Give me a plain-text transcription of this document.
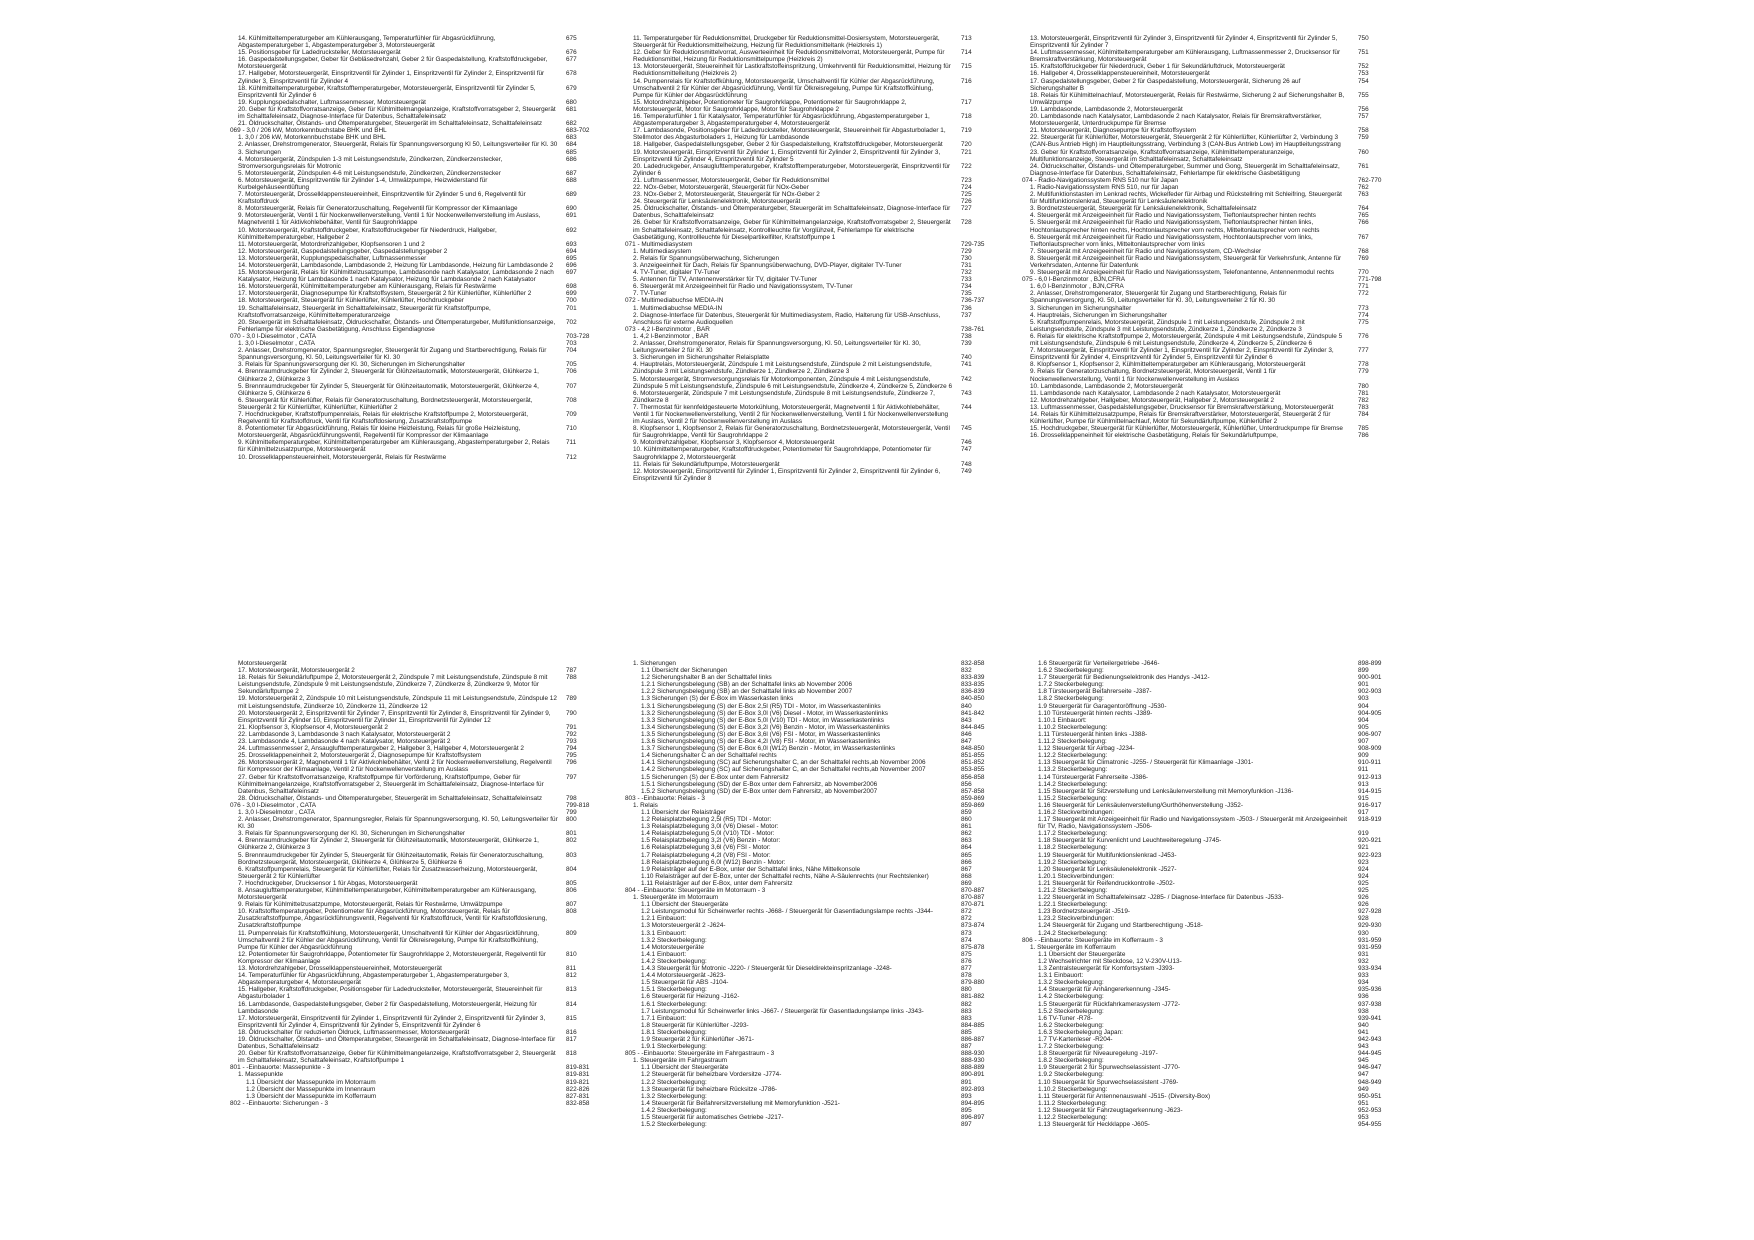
14. Kühlmitteltemperaturgeber am Kühlerausgang, Temperaturfühler für Abgasrückführung, Abgastemperaturgeber 1, Abgastemperaturgeber 3, Motorsteuergerät
675
15. Positionsgeber für Ladedrucksteller, Motorsteuergerät	676
16. Gaspedalstellungsgeber, Geber für Gebläsedrehzahl, Geber 2 für Gaspedalstellung, Kraftstoffdruckgeber, Motorsteuergerät
677
17. Hallgeber, Motorsteuergerät, Einspritzventil für Zylinder 1, Einspritzventil für Zylinder 2, Einspritzventil für Zylinder 3, Einspritzventil für Zylinder 4
678
18. Kühlmitteltemperaturgeber, Kraftstofftemperaturgeber, Motorsteuergerät, Einspritzventil für Zylinder 5, Einspritzventil für Zylinder 6
679
19. Kupplungspedalschalter, Luftmassenmesser, Motorsteuergerät	680
20. Geber für Kraftstoffvorratsanzeige, Geber für Kühlmittelmangelanzeige, Kraftstoffvorratsgeber 2, Steuergerät im Schalttafeleinsatz, Diagnose-Interface für Datenbus, Schalttafeleinsatz
681
21. Öldruckschalter, Ölstands- und Öltemperaturgeber, Steuergerät im Schalttafeleinsatz, Schalttafeleinsatz	682
069 - 3,0 / 206 kW, Motorkennbuchstabe BHK und BHL	683-702
1. 3,0 / 206 kW, Motorkennbuchstabe BHK und BHL	683
2. Anlasser, Drehstromgenerator, Steuergerät, Relais für Spannungsversorgung Kl 50, Leitungsverteiler für Kl. 30	684
3. Sicherungen	685
4. Motorsteuergerät, Zündspulen 1-3 mit Leistungsendstufe, Zündkerzen, Zündkerzenstecker, Stromversorgungsrelais für Motronic
686
5. Motorsteuergerät, Zündspulen 4-6 mit Leistungsendstufe, Zündkerzen, Zündkerzenstecker	687
6. Motorsteuergerät, Einspritzventile für Zylinder 1-4, Umwälzpumpe, Heizwiderstand für Kurbelgehäuseentlüftung
688
7. Motorsteuergerät, Drosselklappensteuereinheit, Einspritzventile für Zylinder 5 und 6, Regelventil für Kraftstoffdruck
689
8. Motorsteuergerät, Relais für Generatorzuschaltung, Regelventil für Kompressor der Klimaanlage	690
9. Motorsteuergerät, Ventil 1 für Nockenwellenverstellung, Ventil 1 für Nockenwellenverstellung im Auslass, Magnetventil 1 für Aktivkohlebehälter, Ventil für Saugrohrklappe
691
10. Motorsteuergerät, Kraftstoffdruckgeber, Kraftstoffdruckgeber für Niederdruck, Hallgeber, Kühlmitteltemperaturgeber, Hallgeber 2
692
11. Motorsteuergerät, Motordrehzahlgeber, Klopfsensoren 1 und 2	693
12. Motorsteuergerät, Gaspedalstellungsgeber, Gaspedalstellungsgeber 2	694
13. Motorsteuergerät, Kupplungspedalschalter, Luftmassenmesser	695
14. Motorsteuergerät, Lambdasonde, Lambdasonde 2, Heizung für Lambdasonde, Heizung für Lambdasonde 2	696
15. Motorsteuergerät, Relais für Kühlmittelzusatzpumpe, Lambdasonde nach Katalysator, Lambdasonde 2 nach Katalysator, Heizung für Lambdasonde 1 nach Katalysator, Heizung für Lambdasonde 2 nach Katalysator
697
16. Motorsteuergerät, Kühlmitteltemperaturgeber am Kühlerausgang, Relais für Restwärme	698
17. Motorsteuergerät, Diagnosepumpe für Kraftstoffsystem, Steuergerät 2 für Kühlerlüfter, Kühlerlüfter 2	699
18. Motorsteuergerät, Steuergerät für Kühlerlüfter, Kühlerlüfter, Hochdruckgeber	700
19. Schalttafeleinsatz, Steuergerät im Schalttafeleinsatz, Steuergerät für Kraftstoffpumpe, Kraftstoffvorratsanzeige, Kühlmitteltemperaturanzeige
701
20. Steuergerät im Schalttafeleinsatz, Öldruckschalter, Ölstands- und Öltemperaturgeber, Multifunktionsanzeige, Fehlerlampe für elektrische Gasbetätigung, Anschluss Eigendiagnose
702
070 - 3,0 l-Dieselmotor , CATA	703-728
1. 3,0 l-Dieselmotor , CATA	703
2. Anlasser, Drehstromgenerator, Spannungsregler, Steuergerät für Zugang und Startberechtigung, Relais für Spannungsversorgung, Kl. 50, Leitungsverteiler für Kl. 30
704
3. Relais für Spannungsversorgung der Kl. 30, Sicherungen im Sicherungshalter	705
4. Brennraumdruckgeber für Zylinder 2, Steuergerät für Glühzeitautomatik, Motorsteuergerät, Glühkerze 1, Glühkerze 2, Glühkerze 3
706
5. Brennraumdruckgeber für Zylinder 5, Steuergerät für Glühzeitautomatik, Motorsteuergerät, Glühkerze 4, Glühkerze 5, Glühkerze 6
707
6. Steuergerät für Kühlerlüfter, Relais für Generatorzuschaltung, Bordnetzsteuergerät, Motorsteuergerät, Steuergerät 2 für Kühlerlüfter, Kühlerlüfter, Kühlerlüfter 2
708
7. Hochdruckgeber, Kraftstoffpumpenrelais, Relais für elektrische Kraftstoffpumpe 2, Motorsteuergerät, Regelventil für Kraftstoffdruck, Ventil für Kraftstoffdosierung, Zusatzkraftstoffpumpe
709
8. Potentiometer für Abgasrückführung, Relais für kleine Heizleistung, Relais für große Heizleistung, Motorsteuergerät, Abgasrückführungsventil, Regelventil für Kompressor der Klimaanlage
710
9. Kühlmitteltemperaturgeber, Kühlmitteltemperaturgeber am Kühlerausgang, Abgastemperaturgeber 2, Relais für Kühlmittelzusatzpumpe, Motorsteuergerät
711
10. Drosselklappensteuereinheit, Motorsteuergerät, Relais für Restwärme	712
11. Temperaturgeber für Reduktionsmittel, Druckgeber für Reduktionsmittel-Dosiersystem, Motorsteuergerät, Steuergerät für Reduktionsmittelheizung, Heizung für Reduktionsmitteltank (Heizkreis 1)
713
12. Geber für Reduktionsmittelvorrat, Auswerteeinheit für Reduktionsmittelvorrat, Motorsteuergerät, Pumpe für Reduktionsmittel, Heizung für Reduktionsmittelpumpe (Heizkreis 2)
714
13. Motorsteuergerät, Steuereinheit für Lastkraftstoffeinspritzung, Umkehrventil für Reduktionsmittel, Heizung für Reduktionsmittelleitung (Heizkreis 2)
715
14. Pumpenrelais für Kraftstoffkühlung, Motorsteuergerät, Umschaltventil für Kühler der Abgasrückführung, Umschaltventil 2 für Kühler der Abgasrückführung, Ventil für Ölkreisregelung, Pumpe für Kraftstoffkühlung, Pumpe für Kühler der Abgasrückführung
716
15. Motordrehzahlgeber, Potentiometer für Saugrohrklappe, Potentiometer für Saugrohrklappe 2, Motorsteuergerät, Motor für Saugrohrklappe, Motor für Saugrohrklappe 2
717
16. Temperaturfühler 1 für Katalysator, Temperaturfühler für Abgasrückführung, Abgastemperaturgeber 1, Abgastemperaturgeber 3, Abgastemperaturgeber 4, Motorsteuergerät
718
17. Lambdasonde, Positionsgeber für Ladedrucksteller, Motorsteuergerät, Steuereinheit für Abgasturbolader 1, Stellmotor des Abgasturboladers 1, Heizung für Lambdasonde
719
18. Hallgeber, Gaspedalstellungsgeber, Geber 2 für Gaspedalstellung, Kraftstoffdruckgeber, Motorsteuergerät	720
19. Motorsteuergerät, Einspritzventil für Zylinder 1, Einspritzventil für Zylinder 2, Einspritzventil für Zylinder 3, Einspritzventil für Zylinder 4, Einspritzventil für Zylinder 5
721
20. Ladedruckgeber, Ansauglufttemperaturgeber, Kraftstofftemperaturgeber, Motorsteuergerät, Einspritzventil für Zylinder 6
722
21. Luftmassenmesser, Motorsteuergerät, Geber für Reduktionsmittel	723
22. NOx-Geber, Motorsteuergerät, Steuergerät für NOx-Geber	724
23. NOx-Geber 2, Motorsteuergerät, Steuergerät für NOx-Geber 2	725
24. Steuergerät für Lenksäulenelektronik, Motorsteuergerät	726
25. Öldruckschalter, Ölstands- und Öltemperaturgeber, Steuergerät im Schalttafeleinsatz, Diagnose-Interface für Datenbus, Schalttafeleinsatz
727
26. Geber für Kraftstoffvorratsanzeige, Geber für Kühlmittelmangelanzeige, Kraftstoffvorratsgeber 2, Steuergerät im Schalttafeleinsatz, Schalttafeleinsatz, Kontrollleuchte für Vorglühzeit, Fehlerlampe für elektrische Gasbetätigung, Kontrollleuchte für Dieselpartikelfilter, Kraftstoffpumpe 1
728
071 - Multimediasystem	729-735
1. Multimediasystem	729
2. Relais für Spannungsüberwachung, Sicherungen	730
3. Anzeigeeinheit für Dach, Relais für Spannungsüberwachung, DVD-Player, digitaler TV-Tuner	731
4. TV-Tuner, digitaler TV-Tuner	732
5. Antennen für TV, Antennenverstärker für TV, digitaler TV-Tuner	733
6. Steuergerät mit Anzeigeeinheit für Radio und Navigationssystem, TV-Tuner	734
7. TV-Tuner	735
072 - Multimediabuchse MEDIA-IN	736-737
1. Multimediabuchse MEDIA-IN	736
2. Diagnose-Interface für Datenbus, Steuergerät für Multimediasystem, Radio, Halterung für USB-Anschluss, Anschluss für externe Audioquellen
737
073 - 4,2 l-Benzinmotor , BAR	738-761
1. 4,2 l-Benzinmotor , BAR	738
2. Anlasser, Drehstromgenerator, Relais für Spannungsversorgung, Kl. 50, Leitungsverteiler für Kl. 30, Leitungsverteiler 2 für Kl. 30
739
3. Sicherungen im Sicherungshalter Relaisplatte	740
4. Hauptrelais, Motorsteuergerät, Zündspule 1 mit Leistungsendstufe, Zündspule 2 mit Leistungsendstufe, Zündspule 3 mit Leistungsendstufe, Zündkerze 1, Zündkerze 2, Zündkerze 3
741
5. Motorsteuergerät, Stromversorgungsrelais für Motorkomponenten, Zündspule 4 mit Leistungsendstufe, Zündspule 5 mit Leistungsendstufe, Zündspule 6 mit Leistungsendstufe, Zündkerze 4, Zündkerze 5, Zündkerze 6
742
6. Motorsteuergerät, Zündspule 7 mit Leistungsendstufe, Zündspule 8 mit Leistungsendstufe, Zündkerze 7, Zündkerze 8
743
7. Thermostat für kennfeldgesteuerte Motorkühlung, Motorsteuergerät, Magnetventil 1 für Aktivkohlebehälter, Ventil 1 für Nockenwellenverstellung, Ventil 2 für Nockenwellenverstellung, Ventil 1 für Nockenwellenverstellung im Auslass, Ventil 2 für Nockenwellenverstellung im Auslass
744
8. Klopfsensor 1, Klopfsensor 2, Relais für Generatorzuschaltung, Bordnetzsteuergerät, Motorsteuergerät, Ventil für Saugrohrklappe, Ventil für Saugrohrklappe 2
745
9. Motordrehzahlgeber, Klopfsensor 3, Klopfsensor 4, Motorsteuergerät	746
10. Kühlmitteltemperaturgeber, Kraftstoffdruckgeber, Potentiometer für Saugrohrklappe, Potentiometer für Saugrohrklappe 2, Motorsteuergerät
747
11. Relais für Sekundärluftpumpe, Motorsteuergerät	748
12. Motorsteuergerät, Einspritzventil für Zylinder 1, Einspritzventil für Zylinder 2, Einspritzventil für Zylinder 6, Einspritzventil für Zylinder 8
749
13. Motorsteuergerät, Einspritzventil für Zylinder 3, Einspritzventil für Zylinder 4, Einspritzventil für Zylinder 5, Einspritzventil für Zylinder 7
750
14. Luftmassenmesser, Kühlmitteltemperaturgeber am Kühlerausgang, Luftmassenmesser 2, Drucksensor für Bremskraftverstärkung, Motorsteuergerät
751
15. Kraftstoffdruckgeber für Niederdruck, Geber 1 für Sekundärluftdruck, Motorsteuergerät	752
16. Hallgeber 4, Drosselklappensteuereinheit, Motorsteuergerät	753
17. Gaspedalstellungsgeber, Geber 2 für Gaspedalstellung, Motorsteuergerät, Sicherung 26 auf Sicherungshalter B
754
18. Relais für Kühlmittelnachlauf, Motorsteuergerät, Relais für Restwärme, Sicherung 2 auf Sicherungshalter B, Umwälzpumpe
755
19. Lambdasonde, Lambdasonde 2, Motorsteuergerät	756
20. Lambdasonde nach Katalysator, Lambdasonde 2 nach Katalysator, Relais für Bremskraftverstärker, Motorsteuergerät, Unterdruckpumpe für Bremse
757
21. Motorsteuergerät, Diagnosepumpe für Kraftstoffsystem	758
22. Steuergerät für Kühlerlüfter, Motorsteuergerät, Steuergerät 2 für Kühlerlüfter, Kühlerlüfter 2, Verbindung 3 (CAN-Bus Antrieb High) im Hauptleitungsstrang, Verbindung 3 (CAN-Bus Antrieb Low) im Hauptleitungsstrang
759
23. Geber für Kraftstoffvorratsanzeige, Kraftstoffvorratsanzeige, Kühlmitteltemperaturanzeige, Multifunktionsanzeige, Steuergerät im Schalttafeleinsatz, Schalttafeleinsatz
760
24. Öldruckschalter, Ölstands- und Öltemperaturgeber, Summer und Gong, Steuergerät im Schalttafeleinsatz, Diagnose-Interface für Datenbus, Schalttafeleinsatz, Fehlerlampe für elektrische Gasbetätigung
761
074 - Radio-Navigationssystem RNS 510 nur für Japan	762-770
1. Radio-Navigationssystem RNS 510, nur für Japan	762
2. Multifunktionstasten im Lenkrad rechts, Wickelfeder für Airbag und Rückstellring mit Schleifring, Steuergerät für Multifunktionslenkrad, Steuergerät für Lenksäulenelektronik
763
3. Bordnetzsteuergerät, Steuergerät für Lenksäulenelektronik, Schalttafeleinsatz	764
4. Steuergerät mit Anzeigeeinheit für Radio und Navigationssystem, Tieftonlautsprecher hinten rechts	765
5. Steuergerät mit Anzeigeeinheit für Radio und Navigationssystem, Tieftonlautsprecher hinten links, Hochtonlautsprecher hinten rechts, Hochtonlautsprecher vorn rechts, Mitteltonlautsprecher vorn rechts
766
6. Steuergerät mit Anzeigeeinheit für Radio und Navigationssystem, Hochtonlautsprecher vorn links, Tieftonlautsprecher vorn links, Mitteltonlautsprecher vorn links
767
7. Steuergerät mit Anzeigeeinheit für Radio und Navigationssystem, CD-Wechsler	768
8. Steuergerät mit Anzeigeeinheit für Radio und Navigationssystem, Steuergerät für Verkehrsfunk, Antenne für Verkehrsdaten, Antenne für Datenfunk
769
9. Steuergerät mit Anzeigeeinheit für Radio und Navigationssystem, Telefonantenne, Antennenmodul rechts	770
075 - 6,0 l-Benzinmotor , BJN,CFRA	771-798
1. 6,0 l-Benzinmotor , BJN,CFRA	771
2. Anlasser, Drehstromgenerator, Steuergerät für Zugang und Startberechtigung, Relais für Spannungsversorgung, Kl. 50, Leitungsverteiler für Kl. 30, Leitungsverteiler 2 für Kl. 30
772
3. Sicherungen im Sicherungshalter	773
4. Hauptrelais, Sicherungen im Sicherungshalter	774
5. Kraftstoffpumpenrelais, Motorsteuergerät, Zündspule 1 mit Leistungsendstufe, Zündspule 2 mit Leistungsendstufe, Zündspule 3 mit Leistungsendstufe, Zündkerze 1, Zündkerze 2, Zündkerze 3
775
6. Relais für elektrische Kraftstoffpumpe 2, Motorsteuergerät, Zündspule 4 mit Leistungsendstufe, Zündspule 5 mit Leistungsendstufe, Zündspule 6 mit Leistungsendstufe, Zündkerze 4, Zündkerze 5, Zündkerze 6
776
7. Motorsteuergerät, Einspritzventil für Zylinder 1, Einspritzventil für Zylinder 2, Einspritzventil für Zylinder 3, Einspritzventil für Zylinder 4, Einspritzventil für Zylinder 5, Einspritzventil für Zylinder 6
777
8. Klopfsensor 1, Klopfsensor 2, Kühlmitteltemperaturgeber am Kühlerausgang, Motorsteuergerät	778
9. Relais für Generatorzuschaltung, Bordnetzsteuergerät, Motorsteuergerät, Ventil 1 für Nockenwellenverstellung, Ventil 1 für Nockenwellenverstellung im Auslass
779
10. Lambdasonde, Lambdasonde 2, Motorsteuergerät	780
11. Lambdasonde nach Katalysator, Lambdasonde 2 nach Katalysator, Motorsteuergerät	781
12. Motordrehzahlgeber, Hallgeber, Motorsteuergerät, Hallgeber 2, Motorsteuergerät 2	782
13. Luftmassenmesser, Gaspedalstellungsgeber, Drucksensor für Bremskraftverstärkung, Motorsteuergerät	783
14. Relais für Kühlmittelzusatzpumpe, Relais für Bremskraftverstärker, Motorsteuergerät, Steuergerät 2 für Kühlerlüfter, Pumpe für Kühlmittelnachlauf, Motor für Sekundärluftpumpe, Kühlerlüfter 2
784
15. Hochdruckgeber, Steuergerät für Kühlerlüfter, Motorsteuergerät, Kühlerlüfter, Unterdruckpumpe für Bremse	785
16. Drosselklappeneinheit für elektrische Gasbetätigung, Relais für Sekundärluftpumpe,	786
Motorsteuergerät
17. Motorsteuergerät, Motorsteuergerät 2	787
18. Relais für Sekundärluftpumpe 2, Motorsteuergerät 2, Zündspule 7 mit Leistungsendstufe, Zündspule 8 mit Leistungsendstufe, Zündspule 9 mit Leistungsendstufe, Zündkerze 7, Zündkerze 8, Zündkerze 9, Motor für Sekundärluftpumpe 2
788
19. Motorsteuergerät 2, Zündspule 10 mit Leistungsendstufe, Zündspule 11 mit Leistungsendstufe, Zündspule 12 mit Leistungsendstufe, Zündkerze 10, Zündkerze 11, Zündkerze 12
789
20. Motorsteuergerät 2, Einspritzventil für Zylinder 7, Einspritzventil für Zylinder 8, Einspritzventil für Zylinder 9, Einspritzventil für Zylinder 10, Einspritzventil für Zylinder 11, Einspritzventil für Zylinder 12
790
21. Klopfsensor 3, Klopfsensor 4, Motorsteuergerät 2	791
22. Lambdasonde 3, Lambdasonde 3 nach Katalysator, Motorsteuergerät 2	792
23. Lambdasonde 4, Lambdasonde 4 nach Katalysator, Motorsteuergerät 2	793
24. Luftmassenmesser 2, Ansauglufttemperaturgeber 2, Hallgeber 3, Hallgeber 4, Motorsteuergerät 2	794
25. Drosselklappeneinheit 2, Motorsteuergerät 2, Diagnosepumpe für Kraftstoffsystem	795
26. Motorsteuergerät 2, Magnetventil 1 für Aktivkohlebehälter, Ventil 2 für Nockenwellenverstellung, Regelventil für Kompressor der Klimaanlage, Ventil 2 für Nockenwellenverstellung im Auslass
796
27. Geber für Kraftstoffvorratsanzeige, Kraftstoffpumpe für Vorförderung, Kraftstoffpumpe, Geber für Kühlmittelmangelanzeige, Kraftstoffvorratsgeber 2, Steuergerät im Schalttafeleinsatz, Diagnose-Interface für Datenbus, Schalttafeleinsatz
797
28. Öldruckschalter, Ölstands- und Öltemperaturgeber, Steuergerät im Schalttafeleinsatz, Schalttafeleinsatz	798
076 - 3,0 l-Dieselmotor , CATA	799-818
1. 3,0 l-Dieselmotor , CATA	799
2. Anlasser, Drehstromgenerator, Spannungsregler, Relais für Spannungsversorgung, Kl. 50, Leitungsverteiler für Kl. 30
800
3. Relais für Spannungsversorgung der Kl. 30, Sicherungen im Sicherungshalter	801
4. Brennraumdruckgeber für Zylinder 2, Steuergerät für Glühzeitautomatik, Motorsteuergerät, Glühkerze 1, Glühkerze 2, Glühkerze 3
802
5. Brennraumdruckgeber für Zylinder 5, Steuergerät für Glühzeitautomatik, Relais für Generatorzuschaltung, Bordnetzsteuergerät, Motorsteuergerät, Glühkerze 4, Glühkerze 5, Glühkerze 6
803
6. Kraftstoffpumpenrelais, Steuergerät für Kühlerlüfter, Relais für Zusatzwasserheizung, Motorsteuergerät, Steuergerät 2 für Kühlerlüfter
804
7. Hochdruckgeber, Drucksensor 1 für Abgas, Motorsteuergerät	805
8. Ansauglufttemperaturgeber, Kühlmitteltemperaturgeber, Kühlmitteltemperaturgeber am Kühlerausgang, Motorsteuergerät
806
9. Relais für Kühlmittelzusatzpumpe, Motorsteuergerät, Relais für Restwärme, Umwälzpumpe	807
10. Kraftstofftemperaturgeber, Potentiometer für Abgasrückführung, Motorsteuergerät, Relais für Zusatzkraftstoffpumpe, Abgasrückführungsventil, Regelventil für Kraftstoffdruck, Ventil für Kraftstoffdosierung, Zusatzkraftstoffpumpe
808
11. Pumpenrelais für Kraftstoffkühlung, Motorsteuergerät, Umschaltventil für Kühler der Abgasrückführung, Umschaltventil 2 für Kühler der Abgasrückführung, Ventil für Ölkreisregelung, Pumpe für Kraftstoffkühlung, Pumpe für Kühler der Abgasrückführung
809
12. Potentiometer für Saugrohrklappe, Potentiometer für Saugrohrklappe 2, Motorsteuergerät, Regelventil für Kompressor der Klimaanlage
810
13. Motordrehzahlgeber, Drosselklappensteuereinheit, Motorsteuergerät	811
14. Temperaturfühler für Abgasrückführung, Abgastemperaturgeber 1, Abgastemperaturgeber 3, Abgastemperaturgeber 4, Motorsteuergerät
812
15. Hallgeber, Kraftstoffdruckgeber, Positionsgeber für Ladedrucksteller, Motorsteuergerät, Steuereinheit für Abgasturbolader 1
813
16. Lambdasonde, Gaspedalstellungsgeber, Geber 2 für Gaspedalstellung, Motorsteuergerät, Heizung für Lambdasonde
814
17. Motorsteuergerät, Einspritzventil für Zylinder 1, Einspritzventil für Zylinder 2, Einspritzventil für Zylinder 3, Einspritzventil für Zylinder 4, Einspritzventil für Zylinder 5, Einspritzventil für Zylinder 6
815
18. Öldruckschalter für reduzierten Öldruck, Luftmassenmesser, Motorsteuergerät	816
19. Öldruckschalter, Ölstands- und Öltemperaturgeber, Steuergerät im Schalttafeleinsatz, Diagnose-Interface für Datenbus, Schalttafeleinsatz
817
20. Geber für Kraftstoffvorratsanzeige, Geber für Kühlmittelmangelanzeige, Kraftstoffvorratsgeber 2, Steuergerät im Schalttafeleinsatz, Schalttafeleinsatz, Kraftstoffpumpe 1
818
801 - -Einbauorte: Massepunkte - 3	819-831
1. Massepunkte	819-831
1.1 Übersicht der Massepunkte im Motorraum	819-821
1.2 Übersicht der Massepunkte im Innenraum	822-826
1.3 Übersicht der Massepunkte im Kofferraum	827-831
802 - -Einbauorte: Sicherungen - 3	832-858
1. Sicherungen	832-858
1.1 Übersicht der Sicherungen	832
1.2 Sicherungshalter B an der Schalttafel links	833-839
1.2.1 Sicherungsbelegung (SB) an der Schalttafel links ab November 2006	833-835
1.2.2 Sicherungsbelegung (SB) an der Schalttafel links ab November 2007	836-839
1.3 Sicherungen (S) der E-Box im Wasserkasten links	840-850
1.3.1 Sicherungsbelegung (S) der E-Box 2,5l (R5) TDI - Motor, im Wasserkastenlinks	840
1.3.2 Sicherungsbelegung (S) der E-Box 3,0l (V6) Diesel - Motor, im Wasserkastenlinks	841-842
1.3.3 Sicherungsbelegung (S) der E-Box 5,0l (V10) TDI - Motor, im Wasserkastenlinks	843
1.3.4 Sicherungsbelegung (S) der E-Box 3,2l (V6) Benzin - Motor, im Wasserkastenlinks	844-845
1.3.5 Sicherungsbelegung (S) der E-Box 3,6l (V6) FSI - Motor, im Wasserkastenlinks	846
1.3.6 Sicherungsbelegung (S) der E-Box 4,2l (V8) FSI - Motor, im Wasserkastenlinks	847
1.3.7 Sicherungsbelegung (S) der E-Box 6,0l (W12) Benzin - Motor, im Wasserkastenlinks	848-850
1.4 Sicherungshalter C an der Schalttafel rechts	851-855
1.4.1 Sicherungsbelegung (SC) auf Sicherungshalter C, an der Schalttafel rechts,ab November 2006	851-852
1.4.2 Sicherungsbelegung (SC) auf Sicherungshalter C, an der Schalttafel rechts,ab November 2007	853-855
1.5 Sicherungen (S) der E-Box unter dem Fahrersitz	856-858
1.5.1 Sicherungsbelegung (SD) der E-Box unter dem Fahrersitz, ab November2006	856
1.5.2 Sicherungsbelegung (SD) der E-Box unter dem Fahrersitz, ab November2007	857-858
803 - -Einbauorte: Relais - 3	859-869
1. Relais	859-869
1.1 Übersicht der Relaisträger	859
1.2 Relaisplatzbelegung 2,5l (R5) TDI - Motor:	860
1.3 Relaisplatzbelegung 3,0l (V6) Diesel - Motor:	861
1.4 Relaisplatzbelegung 5,0l (V10) TDI - Motor:	862
1.5 Relaisplatzbelegung 3,2l (V6) Benzin - Motor:	863
1.6 Relaisplatzbelegung 3,6l (V6) FSI - Motor:	864
1.7 Relaisplatzbelegung 4,2l (V8) FSI - Motor:	865
1.8 Relaisplatzbelegung 6,0l (W12) Benzin - Motor:	866
1.9 Relaisträger auf der E-Box, unter der Schalttafel links, Nähe Mittelkonsole	867
1.10 Relaisträger auf der E-Box, unter der Schalttafel rechts, Nähe A-Säulenrechts (nur Rechtslenker)	868
1.11 Relaisträger auf der E-Box, unter dem Fahrersitz	869
804 - -Einbauorte: Steuergeräte im Motorraum - 3	870-887
1. Steuergeräte im Motorraum	870-887
1.1 Übersicht der Steuergeräte	870-871
1.2 Leistungsmodul für Scheinwerfer rechts -J668- / Steuergerät für Gasentladungslampe rechts -J344-	872
1.2.1 Einbauort:	872
1.3 Motorsteuergerät 2 -J624-	873-874
1.3.1 Einbauort:	873
1.3.2 Steckerbelegung:	874
1.4 Motorsteuergeräte	875-878
1.4.1 Einbauort:	875
1.4.2 Steckerbelegung:	876
1.4.3 Steuergerät für Motronic -J220- / Steuergerät für Dieseldirekteinspritzanlage -J248-	877
1.4.4 Motorsteuergerät -J623-	878
1.5 Steuergerät für ABS -J104-	879-880
1.5.1 Steckerbelegung:	880
1.6 Steuergerät für Heizung -J162-	881-882
1.6.1 Steckerbelegung:	882
1.7 Leistungsmodul für Scheinwerfer links -J667- / Steuergerät für Gasentladungslampe links -J343-	883
1.7.1 Einbauort:	883
1.8 Steuergerät für Kühlerlüfter -J293-	884-885
1.8.1 Steckerbelegung:	885
1.9 Steuergerät 2 für Kühlerlüfter -J671-	886-887
1.9.1 Steckerbelegung:	887
805 - -Einbauorte: Steuergeräte im Fahrgastraum - 3	888-930
1. Steuergeräte im Fahrgastraum	888-930
1.1 Übersicht der Steuergeräte	888-889
1.2 Steuergerät für beheizbare Vordersitze -J774-	890-891
1.2.2 Steckerbelegung:	891
1.3 Steuergerät für beheizbare Rücksitze -J786-	892-893
1.3.2 Steckerbelegung:	893
1.4 Steuergerät für Beifahrersitzverstellung mit Memoryfunktion -J521-	894-895
1.4.2 Steckerbelegung:	895
1.5 Steuergerät für automatisches Getriebe -J217-	896-897
1.5.2 Steckerbelegung:	897
1.6 Steuergerät für Verteilergetriebe -J646-	898-899
1.6.2 Steckerbelegung:	899
1.7 Steuergerät für Bedienungselektronik des Handys -J412-	900-901
1.7.2 Steckerbelegung:	901
1.8 Türsteuergerät Beifahrerseite -J387-	902-903
1.8.2 Steckerbelegung:	903
1.9 Steuergerät für Garagentoröffnung -J530-	904
1.10 Türsteuergerät hinten rechts -J389-	904-905
1.10.1 Einbauort:	904
1.10.2 Steckerbelegung:	905
1.11 Türsteuergerät hinten links -J388-	906-907
1.11.2 Steckerbelegung:	907
1.12 Steuergerät für Airbag -J234-	908-909
1.12.2 Steckerbelegung:	909
1.13 Steuergerät für Climatronic -J255- / Steuergerät für Klimaanlage -J301-	910-911
1.13.2 Steckerbelegung:	911
1.14 Türsteuergerät Fahrerseite -J386-	912-913
1.14.2 Steckerbelegung:	913
1.15 Steuergerät für Sitzverstellung und Lenksäulenverstellung mit Memoryfunktion -J136-	914-915
1.15.2 Steckerbelegung:	915
1.16 Steuergerät für Lenksäulenverstellung/Gurthöhenverstellung -J352-	916-917
1.16.2 Steckverbindungen:	917
1.17 Steuergerät mit Anzeigeeinheit für Radio und Navigationssystem -J503- / Steuergerät mit Anzeigeeinheit für TV, Radio, Navigationssystem -J506-
918-919
1.17.2 Steckerbelegung:	919
1.18 Steuergerät für Kurvenlicht und Leuchtweiteregelung -J745-	920-921
1.18.2 Steckerbelegung:	921
1.19 Steuergerät für Multifunktionslenkrad -J453-	922-923
1.19.2 Steckerbelegung:	923
1.20 Steuergerät für Lenksäulenelektronik -J527-	924
1.20.1 Steckverbindungen:	924
1.21 Steuergerät für Reifendruckkontrolle -J502-	925
1.21.2 Steckerbelegung:	925
1.22 Steuergerät im Schalttafeleinsatz -J285- / Diagnose-Interface für Datenbus -J533-	926
1.22.1 Steckerbelegung:	926
1.23 Bordnetzsteuergerät -J519-	927-928
1.23.2 Steckverbindungen:	928
1.24 Steuergerät für Zugang und Startberechtigung -J518-	929-930
1.24.2 Steckerbelegung:	930
806 - -Einbauorte: Steuergeräte im Kofferraum - 3	931-959
1. Steuergeräte im Kofferraum	931-959
1.1 Übersicht der Steuergeräte	931
1.2 Wechselrichter mit Steckdose, 12 V-230V-U13-	932
1.3 Zentralsteuergerät für Komfortsystem -J393-	933-934
1.3.1 Einbauort:	933
1.3.2 Steckerbelegung:	934
1.4 Steuergerät für Anhängererkennung -J345-	935-936
1.4.2 Steckerbelegung:	936
1.5 Steuergerät für Rückfahrkamerasystem -J772-	937-938
1.5.2 Steckerbelegung:	938
1.6 TV-Tuner -R78-	939-941
1.6.2 Steckerbelegung:	940
1.6.3 Steckerbelegung Japan:	941
1.7 TV-Kartenleser -R204-	942-943
1.7.2 Steckerbelegung:	943
1.8 Steuergerät für Niveauregelung -J197-	944-945
1.8.2 Steckerbelegung:	945
1.9 Steuergerät 2 für Spurwechselassistent -J770-	946-947
1.9.2 Steckerbelegung:	947
1.10 Steuergerät für Spurwechselassistent -J769-	948-949
1.10.2 Steckerbelegung:	949
1.11 Steuergerät für Antennenauswahl -J515- (Diversity-Box)	950-951
1.11.2 Steckerbelegung:	951
1.12 Steuergerät für Fahrzeugtagerkennung -J623-	952-953
1.12.2 Steckerbelegung:	953
1.13 Steuergerät für Heckklappe -J605-	954-955
